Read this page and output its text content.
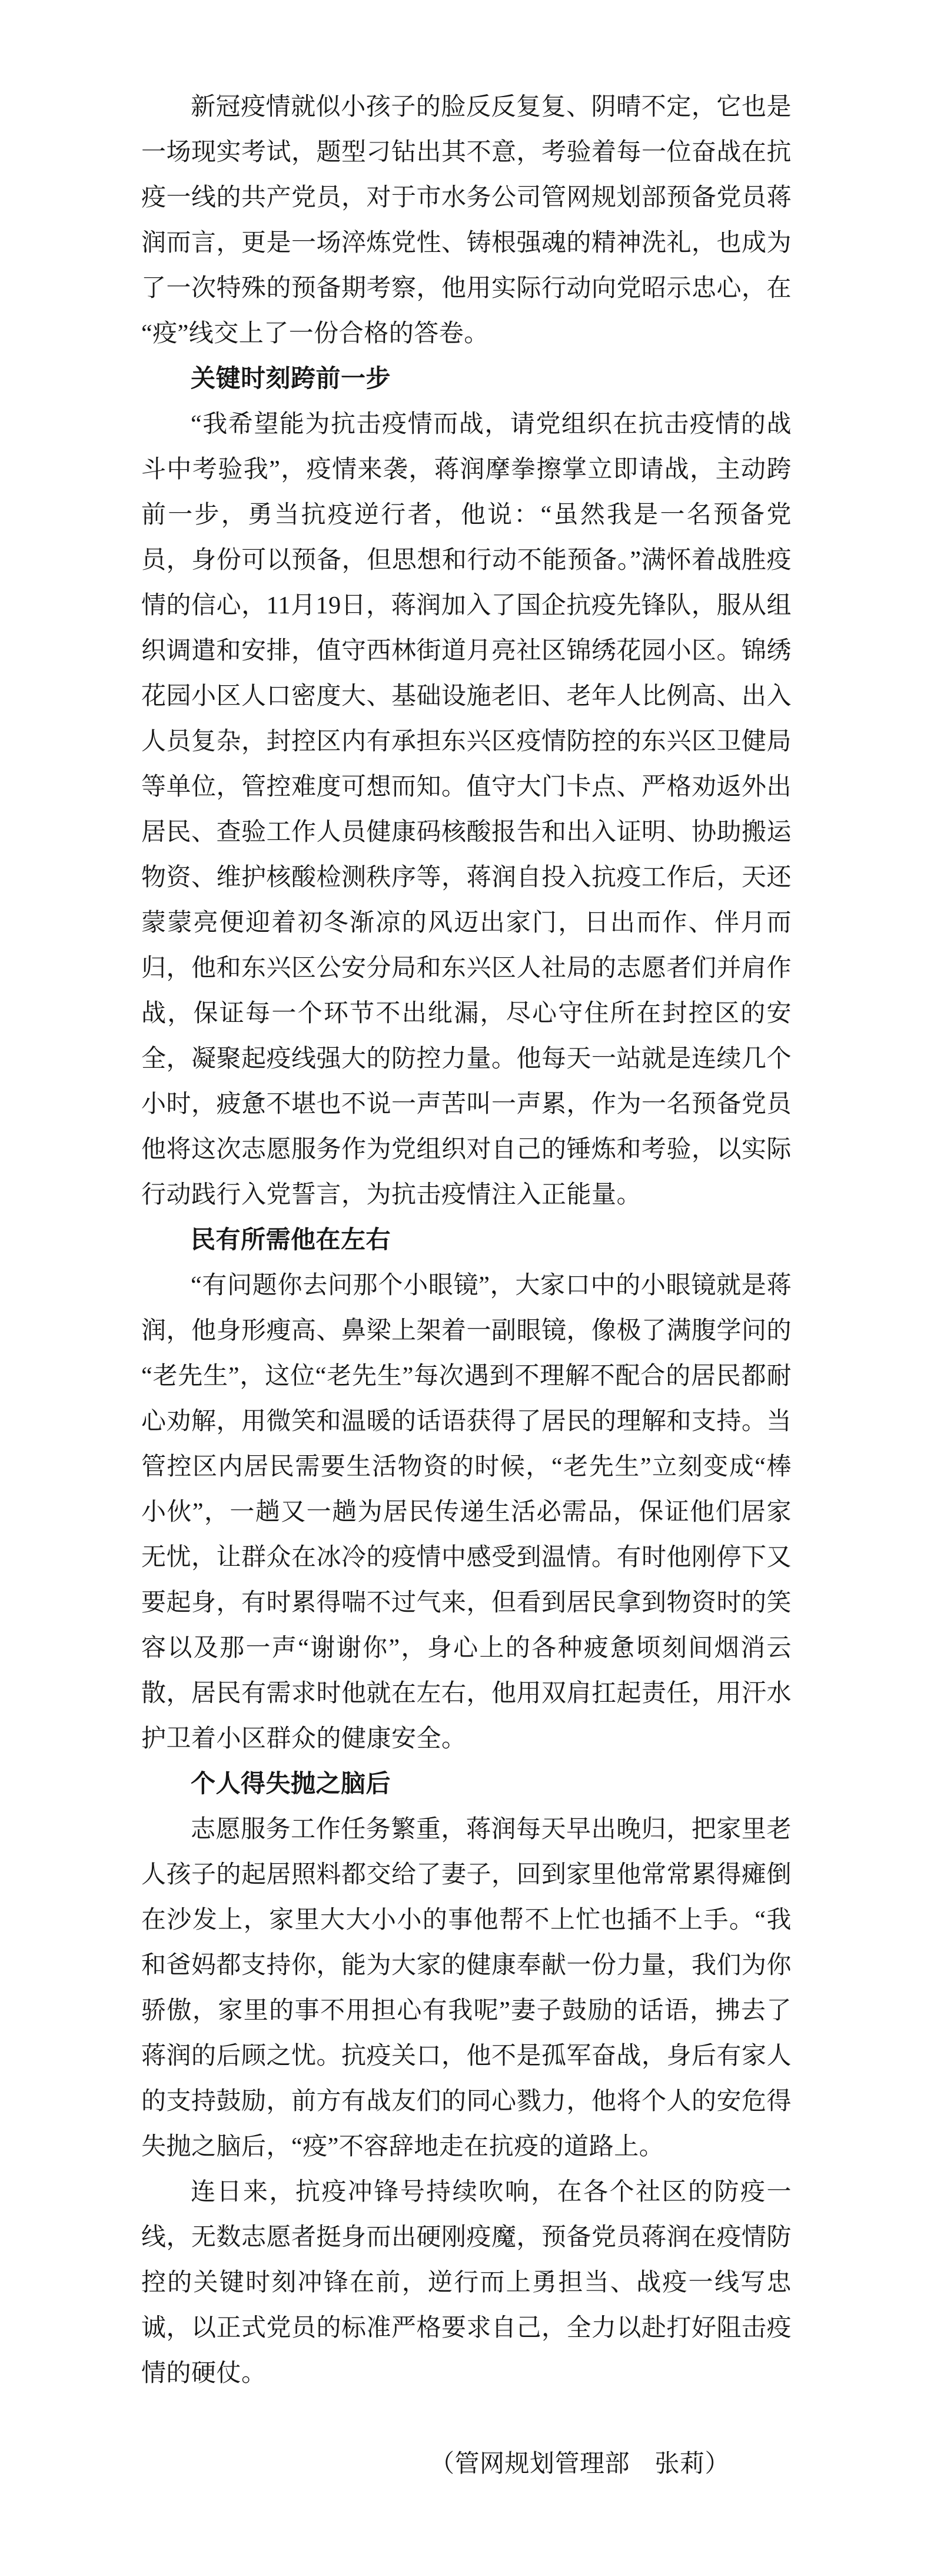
新冠疫情就似小孩子的脸反反复复、阴晴不定，它也是一场现实考试，题型刁钻出其不意，考验着每一位奋战在抗疫一线的共产党员，对于市水务公司管网规划部预备党员蒋润而言，更是一场淬炼党性、铸根强魂的精神洗礼，也成为了一次特殊的预备期考察，他用实际行动向党昭示忠心，在“疫”线交上了一份合格的答卷。

关键时刻跨前一步

“我希望能为抗击疫情而战，请党组织在抗击疫情的战斗中考验我”，疫情来袭，蒋润摩拳擦掌立即请战，主动跨前一步，勇当抗疫逆行者，他说：“虽然我是一名预备党员，身份可以预备，但思想和行动不能预备。”满怀着战胜疫情的信心，11月19日，蒋润加入了国企抗疫先锋队，服从组织调遣和安排，值守西林街道月亮社区锦绣花园小区。锦绣花园小区人口密度大、基础设施老旧、老年人比例高、出入人员复杂，封控区内有承担东兴区疫情防控的东兴区卫健局等单位，管控难度可想而知。值守大门卡点、严格劝返外出居民、查验工作人员健康码核酸报告和出入证明、协助搬运物资、维护核酸检测秩序等，蒋润自投入抗疫工作后，天还蒙蒙亮便迎着初冬渐凉的风迈出家门，日出而作、伴月而归，他和东兴区公安分局和东兴区人社局的志愿者们并肩作战，保证每一个环节不出纰漏，尽心守住所在封控区的安全，凝聚起疫线强大的防控力量。他每天一站就是连续几个小时，疲惫不堪也不说一声苦叫一声累，作为一名预备党员他将这次志愿服务作为党组织对自己的锤炼和考验，以实际行动践行入党誓言，为抗击疫情注入正能量。

民有所需他在左右

“有问题你去问那个小眼镜”，大家口中的小眼镜就是蒋润，他身形瘦高、鼻梁上架着一副眼镜，像极了满腹学问的“老先生”，这位“老先生”每次遇到不理解不配合的居民都耐心劝解，用微笑和温暖的话语获得了居民的理解和支持。当管控区内居民需要生活物资的时候，“老先生”立刻变成“棒小伙”，一趟又一趟为居民传递生活必需品，保证他们居家无忧，让群众在冰冷的疫情中感受到温情。有时他刚停下又要起身，有时累得喘不过气来，但看到居民拿到物资时的笑容以及那一声“谢谢你”，身心上的各种疲惫顷刻间烟消云散，居民有需求时他就在左右，他用双肩扛起责任，用汗水护卫着小区群众的健康安全。

个人得失抛之脑后

志愿服务工作任务繁重，蒋润每天早出晚归，把家里老人孩子的起居照料都交给了妻子，回到家里他常常累得瘫倒在沙发上，家里大大小小的事他帮不上忙也插不上手。“我和爸妈都支持你，能为大家的健康奉献一份力量，我们为你骄傲，家里的事不用担心有我呢”妻子鼓励的话语，拂去了蒋润的后顾之忧。抗疫关口，他不是孤军奋战，身后有家人的支持鼓励，前方有战友们的同心戮力，他将个人的安危得失抛之脑后，“疫”不容辞地走在抗疫的道路上。

连日来，抗疫冲锋号持续吹响，在各个社区的防疫一线，无数志愿者挺身而出硬刚疫魔，预备党员蒋润在疫情防控的关键时刻冲锋在前，逆行而上勇担当、战疫一线写忠诚，以正式党员的标准严格要求自己，全力以赴打好阻击疫情的硬仗。

（管网规划管理部　张莉）
